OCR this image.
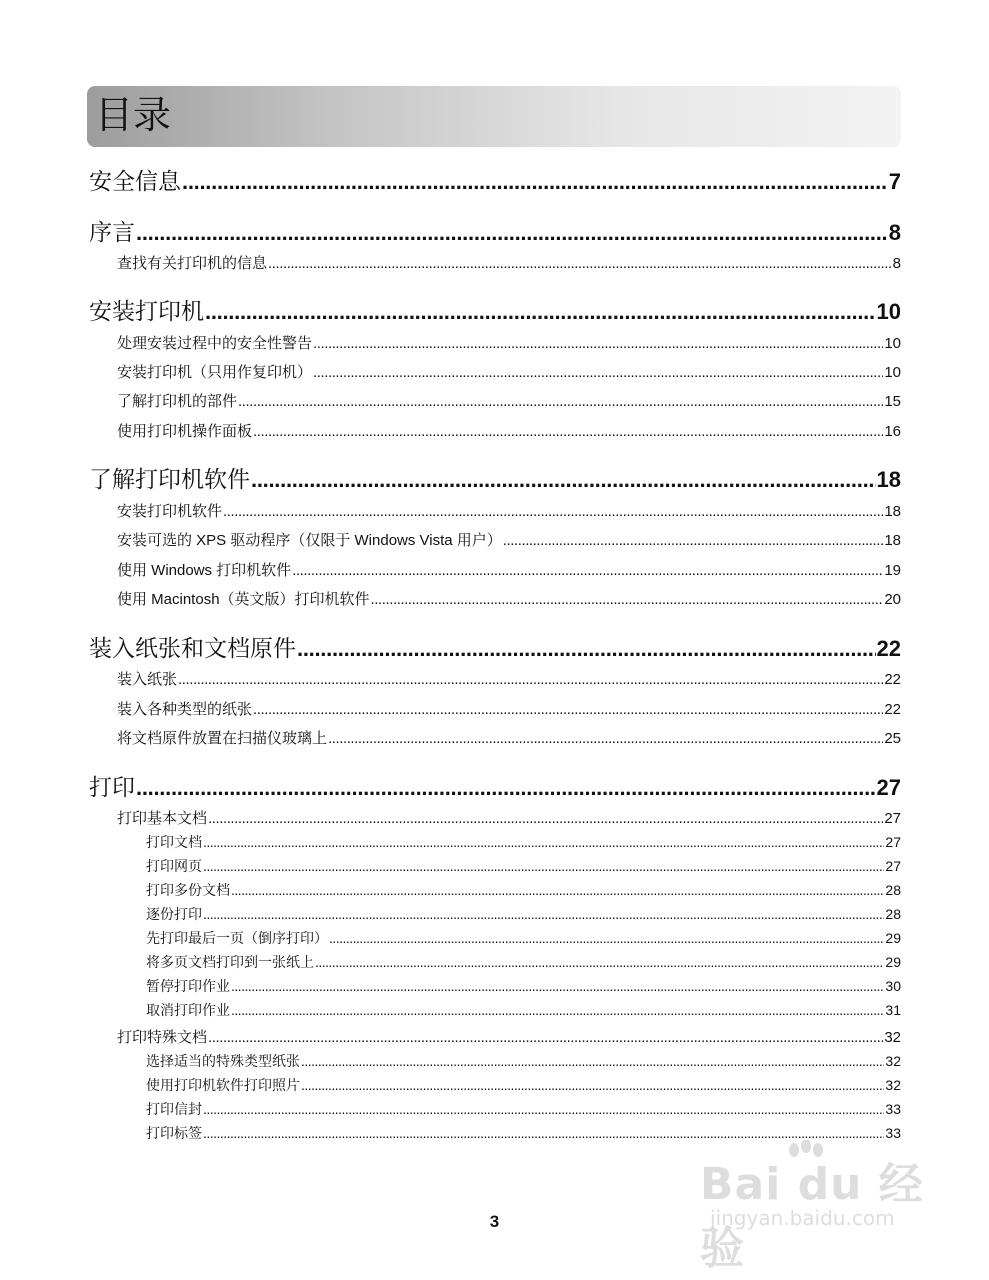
目录
安全信息 . . .	7
序言 . . .	8
查找有关打印机的信息 . . .	8
安装打印机 . . .	10
处理安装过程中的安全性警告 . . .	10
安装打印机（只用作复印机） . . .	10
了解打印机的部件 . . .	15
使用打印机操作面板 . . .	16
了解打印机软件 . . .	18
安装打印机软件 . . .	18
安装可选的 XPS 驱动程序（仅限于 Windows Vista 用户） . . .	18
使用 Windows 打印机软件 . . .	19
使用 Macintosh（英文版）打印机软件 . . .	20
装入纸张和文档原件 . . .	22
装入纸张 . . .	22
装入各种类型的纸张 . . .	22
将文档原件放置在扫描仪玻璃上 . . .	25
打印 . . .	27
打印基本文档 . . .	27
打印文档 . . .	27
打印网页 . . .	27
打印多份文档 . . .	28
逐份打印 . . .	28
先打印最后一页（倒序打印） . . .	29
将多页文档打印到一张纸上 . . .	29
暂停打印作业 . . .	30
取消打印作业 . . .	31
打印特殊文档 . . .	32
选择适当的特殊类型纸张 . . .	32
使用打印机软件打印照片 . . .	32
打印信封 . . .	33
打印标签 . . .	33
Bai du 经验
jingyan.baidu.com
3
